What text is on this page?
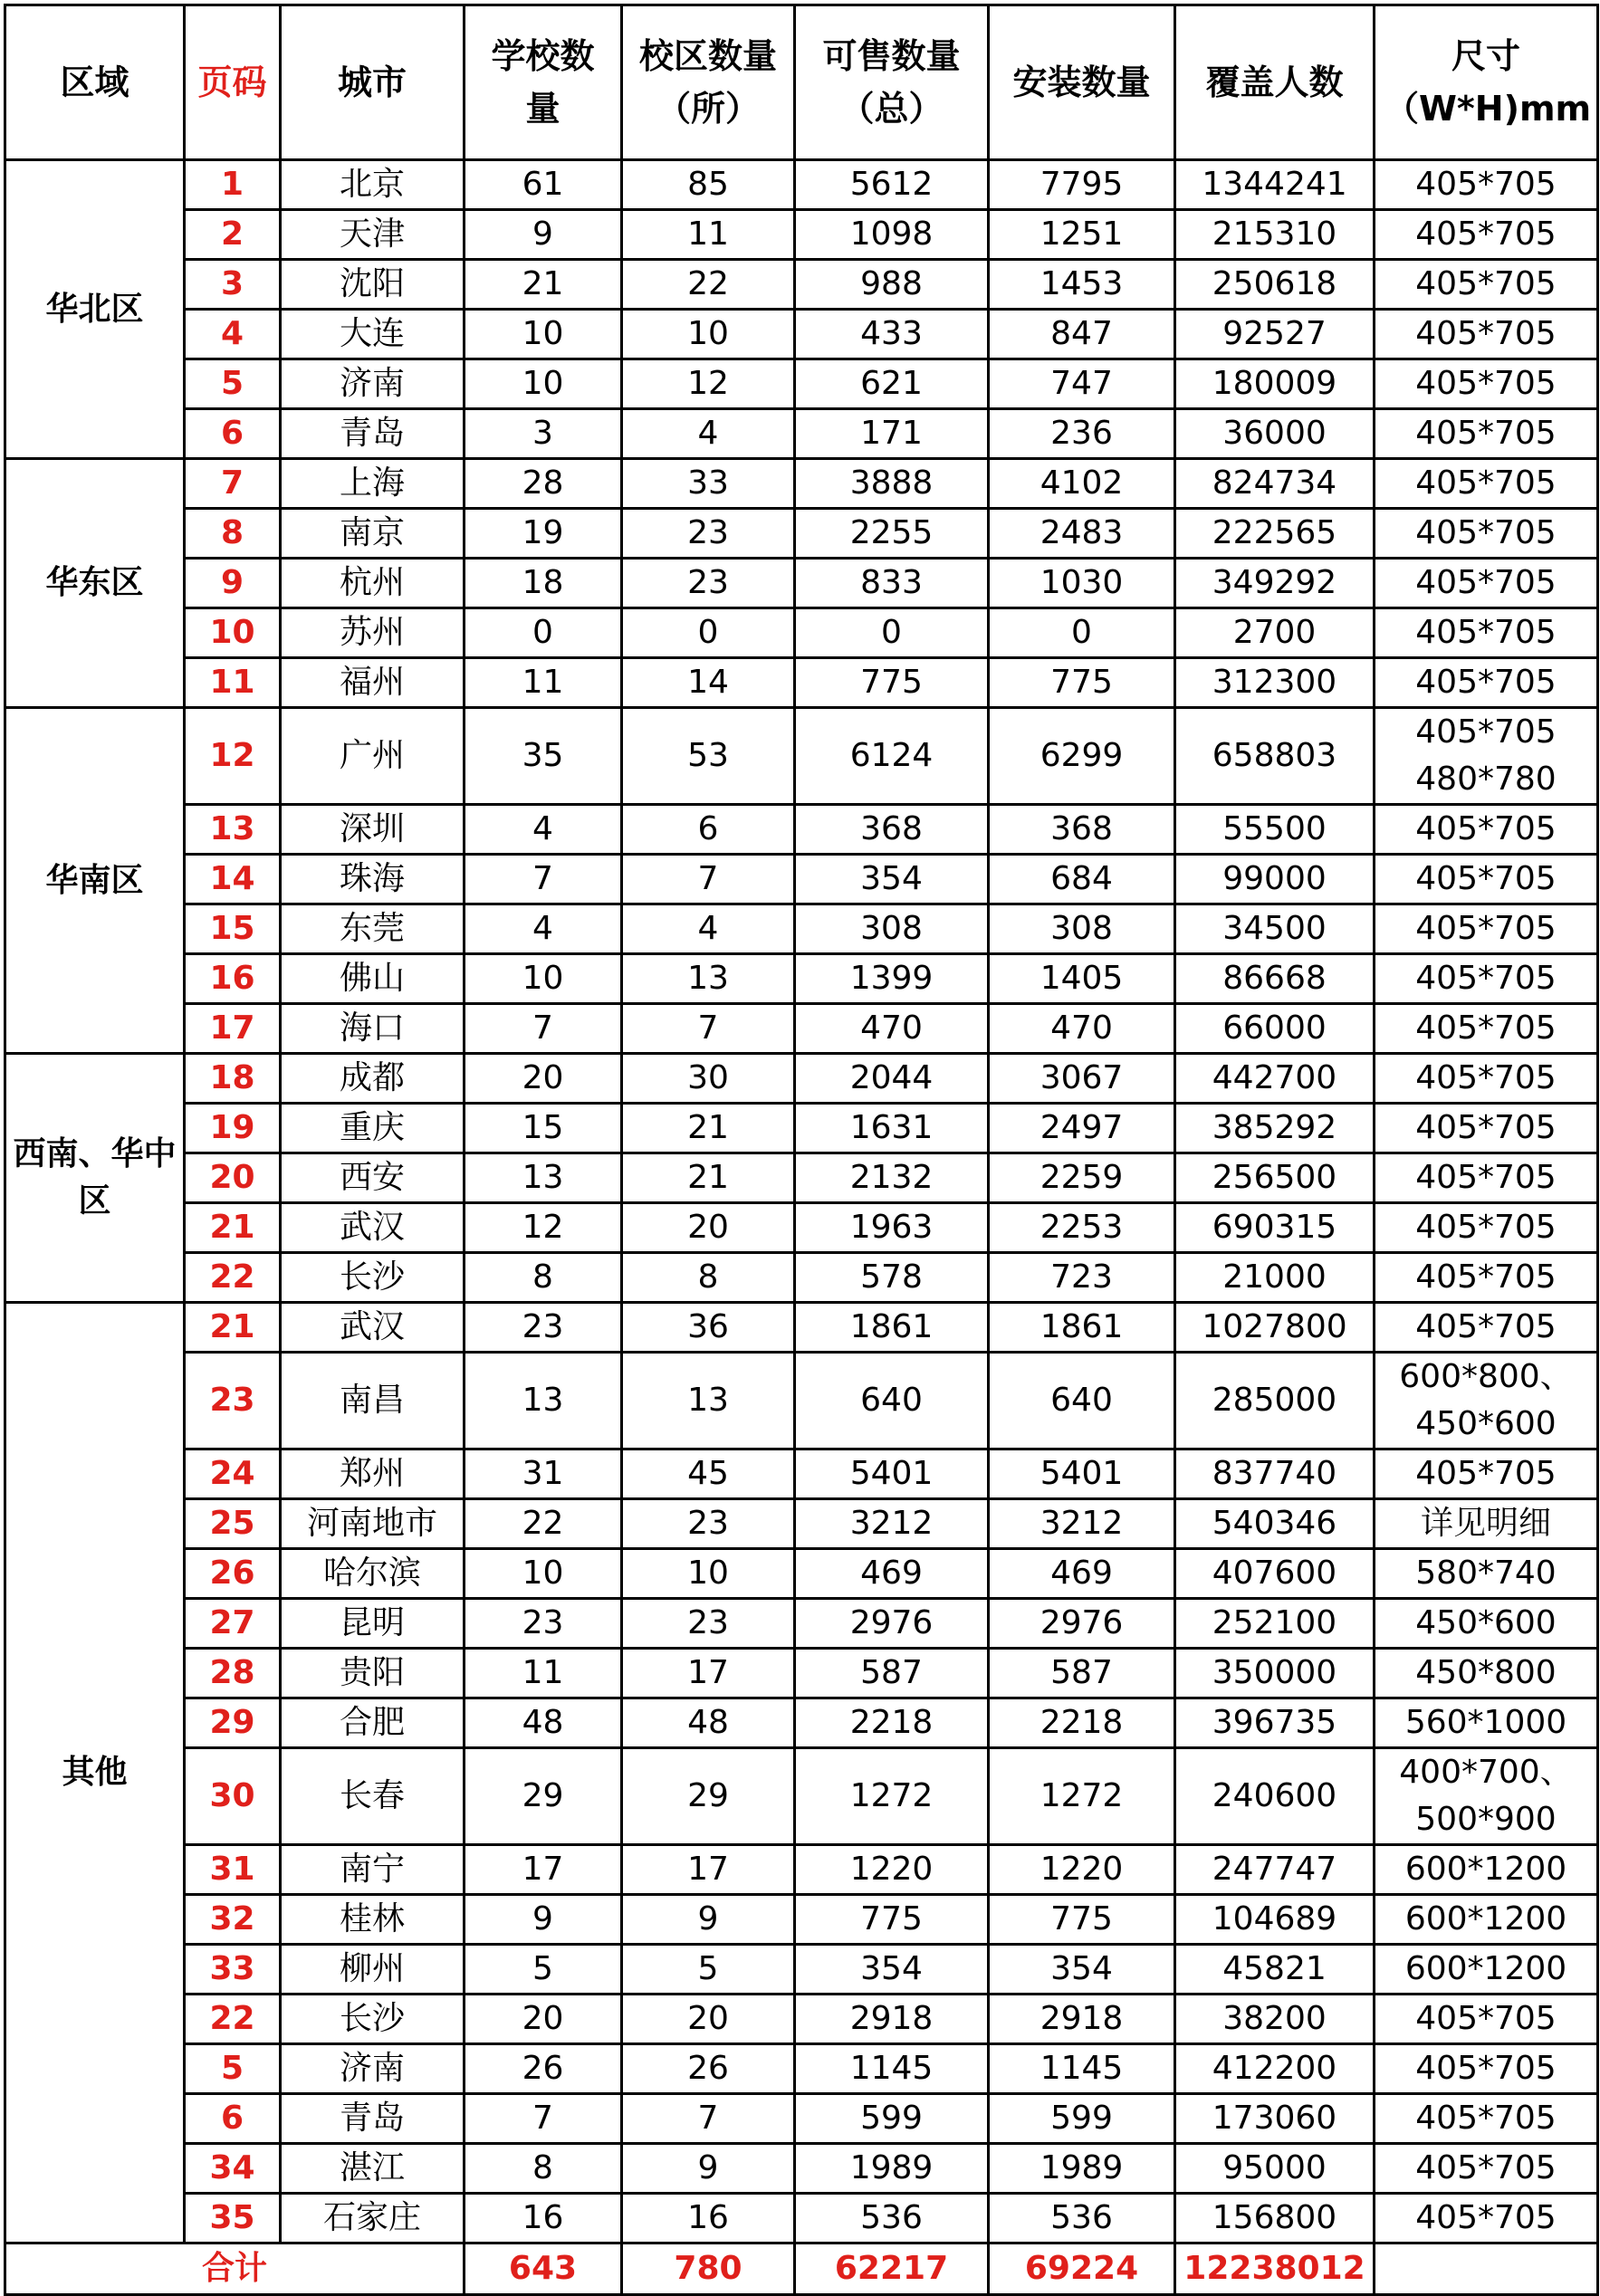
区域	页码	城市	学校数量	校区数量（所）	可售数量（总）	安装数量	覆盖人数	尺寸（W*H)mm
华北区	1	北京	61	85	5612	7795	1344241	405*705

	2	天津	9	11	1098	1251	215310	405*705

	3	沈阳	21	22	988	1453	250618	405*705

	4	大连	10	10	433	847	92527	405*705

	5	济南	10	12	621	747	180009	405*705

	6	青岛	3	4	171	236	36000	405*705

华东区	7	上海	28	33	3888	4102	824734	405*705

	8	南京	19	23	2255	2483	222565	405*705

	9	杭州	18	23	833	1030	349292	405*705

	10	苏州	0	0	0	0	2700	405*705

	11	福州	11	14	775	775	312300	405*705

华南区	12	广州	35	53	6124	6299	658803	405*705
480*780

	13	深圳	4	6	368	368	55500	405*705

	14	珠海	7	7	354	684	99000	405*705

	15	东莞	4	4	308	308	34500	405*705

	16	佛山	10	13	1399	1405	86668	405*705

	17	海口	7	7	470	470	66000	405*705

西南、华中区	18	成都	20	30	2044	3067	442700	405*705

	19	重庆	15	21	1631	2497	385292	405*705

	20	西安	13	21	2132	2259	256500	405*705

	21	武汉	12	20	1963	2253	690315	405*705

	22	长沙	8	8	578	723	21000	405*705

其他	21	武汉	23	36	1861	1861	1027800	405*705

	23	南昌	13	13	640	640	285000	600*800、
450*600

	24	郑州	31	45	5401	5401	837740	405*705

	25	河南地市	22	23	3212	3212	540346	详见明细

	26	哈尔滨	10	10	469	469	407600	580*740

	27	昆明	23	23	2976	2976	252100	450*600

	28	贵阳	11	17	587	587	350000	450*800

	29	合肥	48	48	2218	2218	396735	560*1000

	30	长春	29	29	1272	1272	240600	400*700、
500*900

	31	南宁	17	17	1220	1220	247747	600*1200

	32	桂林	9	9	775	775	104689	600*1200

	33	柳州	5	5	354	354	45821	600*1200

	22	长沙	20	20	2918	2918	38200	405*705

	5	济南	26	26	1145	1145	412200	405*705

	6	青岛	7	7	599	599	173060	405*705

	34	湛江	8	9	1989	1989	95000	405*705

	35	石家庄	16	16	536	536	156800	405*705

合计			643	780	62217	69224	12238012	
